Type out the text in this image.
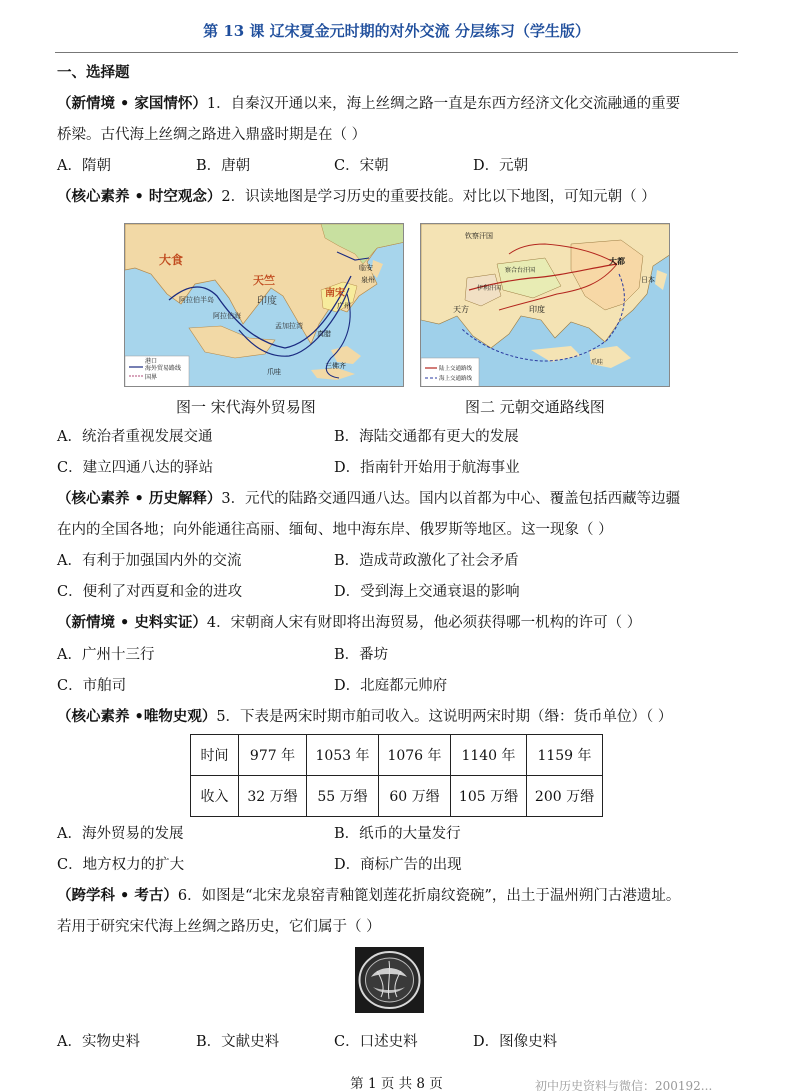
第 13 课 辽宋夏金元时期的对外交流 分层练习（学生版）
一、选择题
（新情境 • 家国情怀）1．自秦汉开通以来，海上丝绸之路一直是东西方经济文化交流融通的重要
桥梁。古代海上丝绸之路进入鼎盛时期是在（ ）
A．隋朝	B．唐朝	C．宋朝	D．元朝
（核心素养 • 时空观念）2．识读地图是学习历史的重要技能。对比以下地图，可知元朝（ ）
大食
天竺
印度
阿拉伯半岛
阿拉伯海
孟加拉湾
南宋
临安
泉州
广州
真腊
爪哇
三佛齐
港口
海外贸易路线
国界
图一 宋代海外贸易图
钦察汗国
察合台汗国
伊利汗国
大都
日本
天方	印度
爪哇
陆上交通路线
海上交通路线
图二 元朝交通路线图
A．统治者重视发展交通	B．海陆交通都有更大的发展
C．建立四通八达的驿站	D．指南针开始用于航海事业
（核心素养 • 历史解释）3．元代的陆路交通四通八达。国内以首都为中心、覆盖包括西藏等边疆
在内的全国各地；向外能通往高丽、缅甸、地中海东岸、俄罗斯等地区。这一现象（ ）
A．有利于加强国内外的交流	B．造成苛政激化了社会矛盾
C．便利了对西夏和金的进攻	D．受到海上交通衰退的影响
（新情境 • 史料实证）4．宋朝商人宋有财即将出海贸易，他必须获得哪一机构的许可（ ）
A．广州十三行	B．番坊
C．市舶司	D．北庭都元帅府
（核心素养 •唯物史观）5．下表是两宋时期市舶司收入。这说明两宋时期（缗：货币单位）（ ）
时间	977 年	1053 年	1076 年	1140 年	1159 年
收入	32 万缗	55 万缗	60 万缗	105 万缗	200 万缗
A．海外贸易的发展	B．纸币的大量发行
C．地方权力的扩大	D．商标广告的出现
（跨学科 • 考古）6．如图是“北宋龙泉窑青釉篦划莲花折扇纹瓷碗”，出土于温州朔门古港遗址。
若用于研究宋代海上丝绸之路历史，它们属于（ ）
A．实物史料	B．文献史料	C．口述史料	D．图像史料
第 1 页 共 8 页	初中历史资料与微信：200192...
